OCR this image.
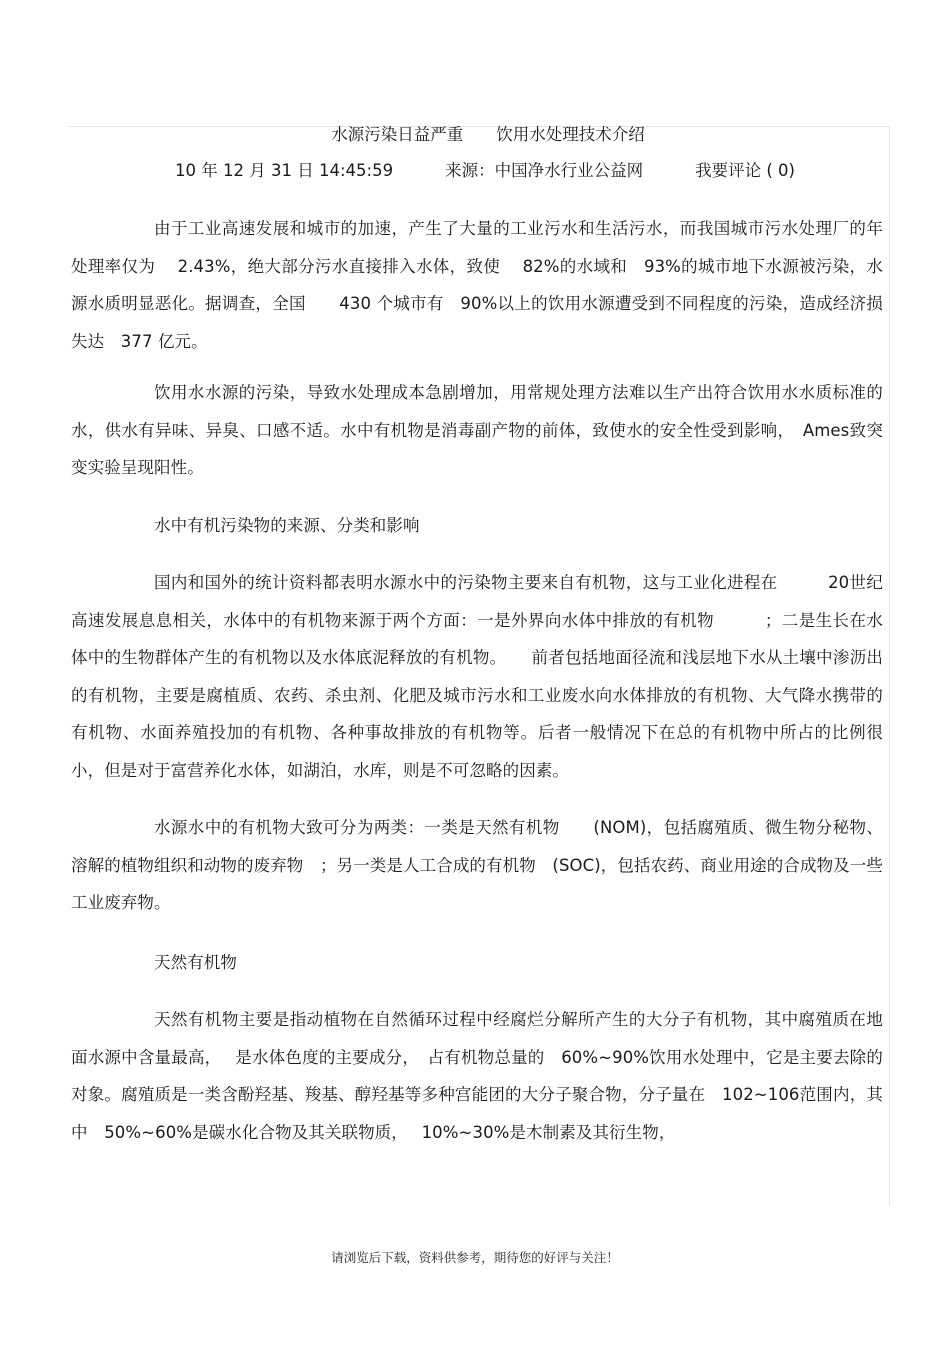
水源污染日益严重　　饮用水处理技术介绍

10 年 12 月 31 日 14:45:59	来源：中国净水行业公益网	我要评论 ( 0)

由于工业高速发展和城市的加速，产生了大量的工业污水和生活污水，而我国城市污水处理厂的年处理率仅为　 2.43%，绝大部分污水直接排入水体，致使　 82%的水域和　93%的城市地下水源被污染，水源水质明显恶化。据调查，全国　　430 个城市有　90%以上的饮用水源遭受到不同程度的污染，造成经济损失达　377 亿元。

饮用水水源的污染，导致水处理成本急剧增加，用常规处理方法难以生产出符合饮用水水质标准的水，供水有异味、异臭、口感不适。水中有机物是消毒副产物的前体，致使水的安全性受到影响，　Ames致突变实验呈现阳性。

水中有机污染物的来源、分类和影响

国内和国外的统计资料都表明水源水中的污染物主要来自有机物，这与工业化进程在　　　20世纪高速发展息息相关，水体中的有机物来源于两个方面：一是外界向水体中排放的有机物　　　；二是生长在水体中的生物群体产生的有机物以及水体底泥释放的有机物。　　前者包括地面径流和浅层地下水从土壤中渗沥出的有机物，主要是腐植质、农药、杀虫剂、化肥及城市污水和工业废水向水体排放的有机物、大气降水携带的有机物、水面养殖投加的有机物、各种事故排放的有机物等。后者一般情况下在总的有机物中所占的比例很小，但是对于富营养化水体，如湖泊，水库，则是不可忽略的因素。

水源水中的有机物大致可分为两类：一类是天然有机物　　(NOM)，包括腐殖质、微生物分秘物、溶解的植物组织和动物的废弃物　；另一类是人工合成的有机物　(SOC)，包括农药、商业用途的合成物及一些工业废弃物。

天然有机物

天然有机物主要是指动植物在自然循环过程中经腐烂分解所产生的大分子有机物，其中腐殖质在地面水源中含量最高，　 是水体色度的主要成分，　占有机物总量的　60%~90%饮用水处理中，它是主要去除的对象。腐殖质是一类含酚羟基、羧基、醇羟基等多种宫能团的大分子聚合物，分子量在　102~106范围内，其中　50%~60%是碳水化合物及其关联物质，　 10%~30%是木制素及其衍生物，

请浏览后下载，资料供参考，期待您的好评与关注！
